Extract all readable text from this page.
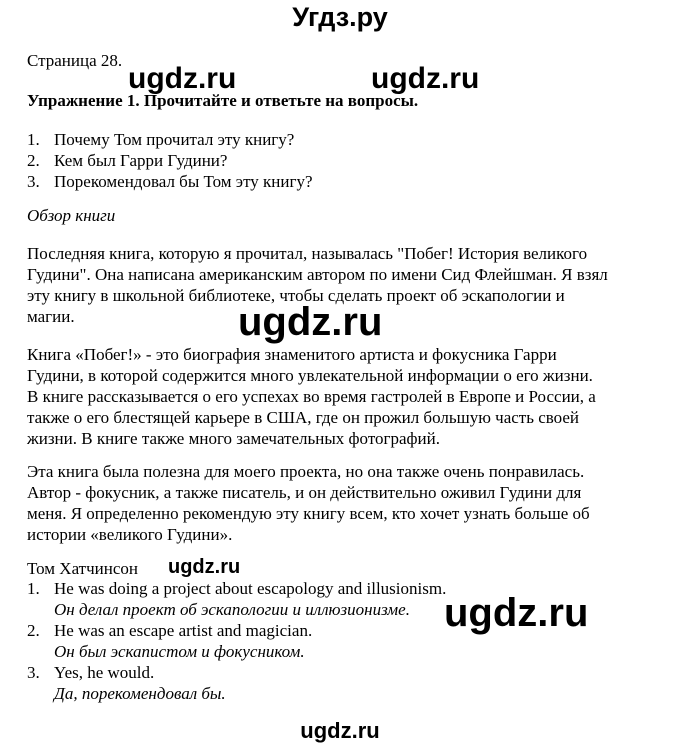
Угдз.ру
ugdz.ru	ugdz.ru
ugdz.ru
ugdz.ru
ugdz.ru
ugdz.ru
Страница 28.
Упражнение 1. Прочитайте и ответьте на вопросы.
1. Почему Том прочитал эту книгу?
2. Кем был Гарри Гудини?
3. Порекомендовал бы Том эту книгу?
Обзор книги
Последняя книга, которую я прочитал, называлась "Побег! История великого
Гудини". Она написана американским автором по имени Сид Флейшман. Я взял
эту книгу в школьной библиотеке, чтобы сделать проект об эскапологии и
магии.
Книга «Побег!» - это биография знаменитого артиста и фокусника Гарри
Гудини, в которой содержится много увлекательной информации о его жизни.
В книге рассказывается о его успехах во время гастролей в Европе и России, а
также о его блестящей карьере в США, где он прожил большую часть своей
жизни. В книге также много замечательных фотографий.
Эта книга была полезна для моего проекта, но она также очень понравилась.
Автор - фокусник, а также писатель, и он действительно оживил Гудини для
меня. Я определенно рекомендую эту книгу всем, кто хочет узнать больше об
истории «великого Гудини».
Том Хатчинсон
1. He was doing a project about escapology and illusionism.
Он делал проект об эскапологии и иллюзионизме.
2. He was an escape artist and magician.
Он был эскапистом и фокусником.
3. Yes, he would.
Да, порекомендовал бы.
